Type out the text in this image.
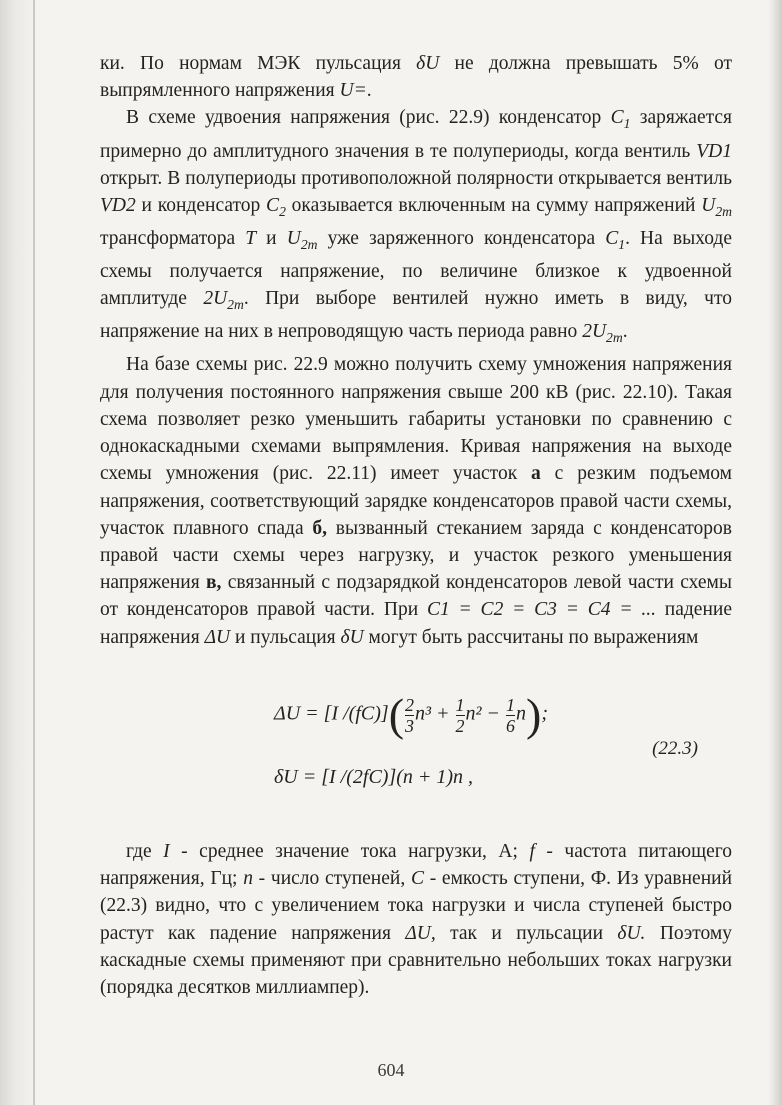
ки. По нормам МЭК пульсация δU не должна превышать 5% от выпрямленного напряжения U=.

В схеме удвоения напряжения (рис. 22.9) конденсатор $C_1$ заряжается примерно до амплитудного значения в те полупериоды, когда вентиль VD1 открыт. В полупериоды противоположной полярности открывается вентиль VD2 и конденсатор $C_2$ оказывается включенным на сумму напряжений $U_{2m}$ трансформатора T и $U_{2m}$ уже заряженного конденсатора $C_1$. На выходе схемы получается напряжение, по величине близкое к удвоенной амплитуде $2U_{2m}$. При выборе вентилей нужно иметь в виду, что напряжение на них в непроводящую часть периода равно $2U_{2m}$.

На базе схемы рис. 22.9 можно получить схему умножения напряжения для получения постоянного напряжения свыше 200 кВ (рис. 22.10). Такая схема позволяет резко уменьшить габариты установки по сравнению с однокаскадными схемами выпрямления. Кривая напряжения на выходе схемы умножения (рис. 22.11) имеет участок а с резким подъемом напряжения, соответствующий зарядке конденсаторов правой части схемы, участок плавного спада б, вызванный стеканием заряда с конденсаторов правой части схемы через нагрузку, и участок резкого уменьшения напряжения в, связанный с подзарядкой конденсаторов левой части схемы от конденсаторов правой части. При C1 = C2 = C3 = C4 = ... падение напряжения ΔU и пульсация δU могут быть рассчитаны по выражениям

ΔU = [I $/(fC)]( \frac{2}{3} n^3 + \frac{1}{2} n^2 - \frac{1}{6} n)$;
(22.3)
δU = [I /(2fC)](n + 1)n ,

где I - среднее значение тока нагрузки, А; f - частота питающего напряжения, Гц; n - число ступеней, C - емкость ступени, Ф. Из уравнений (22.3) видно, что с увеличением тока нагрузки и числа ступеней быстро растут как падение напряжения ΔU, так и пульсации δU. Поэтому каскадные схемы применяют при сравнительно небольших токах нагрузки (порядка десятков миллиампер).

604
